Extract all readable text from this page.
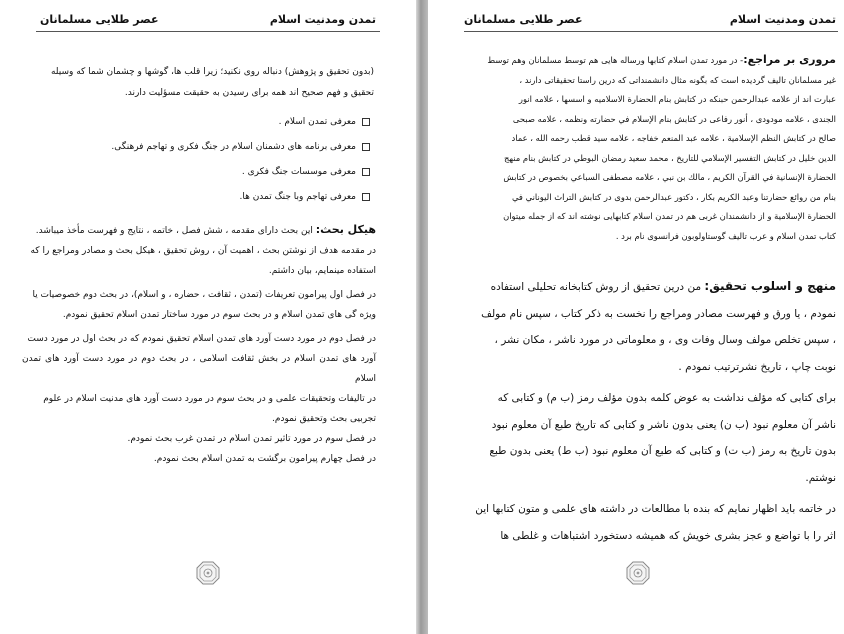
تمدن ومدنیت اسلام
عصر طلایی مسلمانان

(بدون تحقیق و پژوهش) دنباله روی نکنید؛ زیرا قلب ها، گوشها و چشمان شما که وسیله

تحقیق و فهم صحیح اند همه برای رسیدن به حقیقت مسؤلیت دارند.

معرفی تمدن اسلام .
معرفی برنامه های دشمنان اسلام در جنگ فکری و تهاجم فرهنگی.
معرفی موسسات جنگ فکری .
معرفی تهاجم وبا جنگ تمدن ها.

هیکل بحث: این بحث دارای مقدمه ، شش فصل ، خاتمه ، نتایج و فهرست مأخذ میباشد.

در مقدمه هدف از نوشتن بحث ، اهمیت آن ، روش تحقیق ، هیکل بحث و مصادر ومراجع را که

استفاده مینمایم، بیان داشتم.

در فصل اول پیرامون تعریفات (تمدن ، ثقافت ، حضاره ، و اسلام)، در بحث دوم خصوصیات یا

ویژه گی های تمدن اسلام و در بحث سوم در مورد ساختار تمدن اسلام تحقیق نمودم.

در فصل دوم در مورد دست آورد های تمدن اسلام تحقیق نمودم که در بحث اول در مورد دست

آورد های تمدن اسلام در بخش ثقافت اسلامی ، در بحث دوم در مورد دست آورد های تمدن اسلام

در تالیفات وتحقیقات علمی و در بحث سوم در مورد دست آورد های مدنیت اسلام در علوم

تجربیی بحث وتحقیق نمودم.

در فصل سوم در مورد تاثیر تمدن اسلام در تمدن غرب بحث نمودم.

در فصل چهارم پیرامون برگشت به تمدن اسلام بحث نمودم.

تمدن ومدنیت اسلام
عصر طلایی مسلمانان

مروری بر مراجع:- در مورد تمدن اسلام کتابها ورساله هایی هم توسط مسلمانان وهم توسط

غیر مسلمانان تالیف گردیده است که بگونه مثال دانشمنداتی که درین راستا تحقیقاتی دارند ،

عبارت اند از علامه عبدالرحمن حبنکه در کتابش بنام الحضارة الاسلامیه و اسسها ، علامه انور

الجندی ، علامه مودودی ، أنور رفاعی در کتابش بنام الإسلام في حضارته ونظمه ، علامه صبحی

صالح در کتابش النظم الإسلامیة ، علامه عبد المنعم خفاجه ، علامه سید قطب رحمه الله ، عماد

الدين خليل در كتابش التفسير الإسلامي للتاريخ ، محمد سعيد رمضان البوطي در کتابش بنام منهج

الحضارة الإنسانية في القرآن الكريم ، مالك بن نبي ، علامه مصطفى السباعي بخصوص در کتابش

بنام من روائع حضارتنا وعبد الكريم بكار ، دکتور عبدالرحمن بدوی در کتابش التراث اليوناني في

الحضارة الإسلامية و از دانشمندان غربی هم در تمدن اسلام کتابهایی نوشته اند که از جمله میتوان

کتاب تمدن اسلام و عرب تالیف گوستاولوبون فرانسوی نام برد .

منهج و اسلوب تحقیق: من درین تحقیق از روش کتابخانه تحلیلی استفاده

نمودم ، یا ورق و فهرست مصادر ومراجع را نخست به ذکر کتاب ، سپس نام مولف

، سپس تخلص مولف وسال وفات وی ، و معلوماتی در مورد ناشر ، مکان نشر ،

نوبت چاپ ، تاریخ نشرترتیب نمودم .

برای کتابی که مؤلف نداشت به عوض کلمه بدون مؤلف رمز (ب م) و کتابی که

ناشر آن معلوم نبود (ب ن) یعنی بدون ناشر و کتابی که تاریخ طبع آن معلوم نبود

بدون تاریخ به رمز (ب ت) و کتابی که طبع آن معلوم نبود (ب ط) یعنی بدون طبع

نوشتم.

در خاتمه باید اظهار نمایم که بنده با مطالعات در داشته های علمی و متون کتابها این

اثر را با تواضع و عجز بشری خویش که همیشه دستخورد اشتباهات و غلطی ها
